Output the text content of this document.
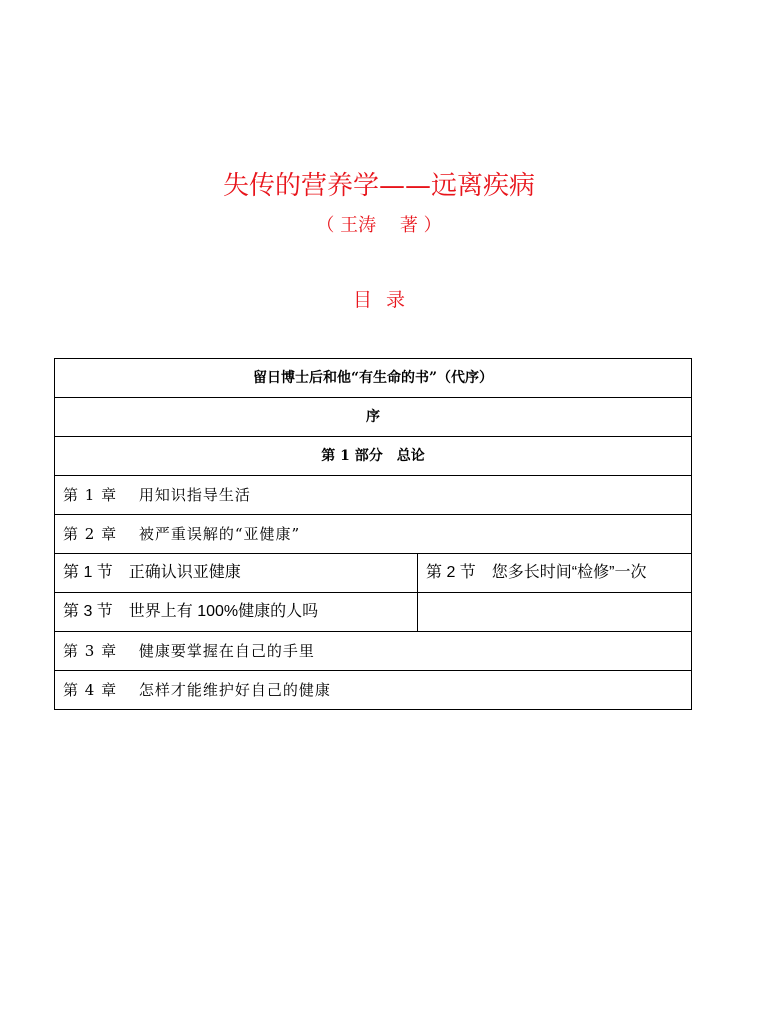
失传的营养学——远离疾病
（ 王涛　 著 ）
目录
留日博士后和他“有生命的书”（代序）	
序	
第 1 部分　总论	
第 1 章　 用知识指导生活	
第 2 章　 被严重误解的“亚健康”	
第 1 节　正确认识亚健康	第 2 节　您多长时间“检修”一次
第 3 节　世界上有 100%健康的人吗	
第 3 章　 健康要掌握在自己的手里	
第 4 章　 怎样才能维护好自己的健康	
